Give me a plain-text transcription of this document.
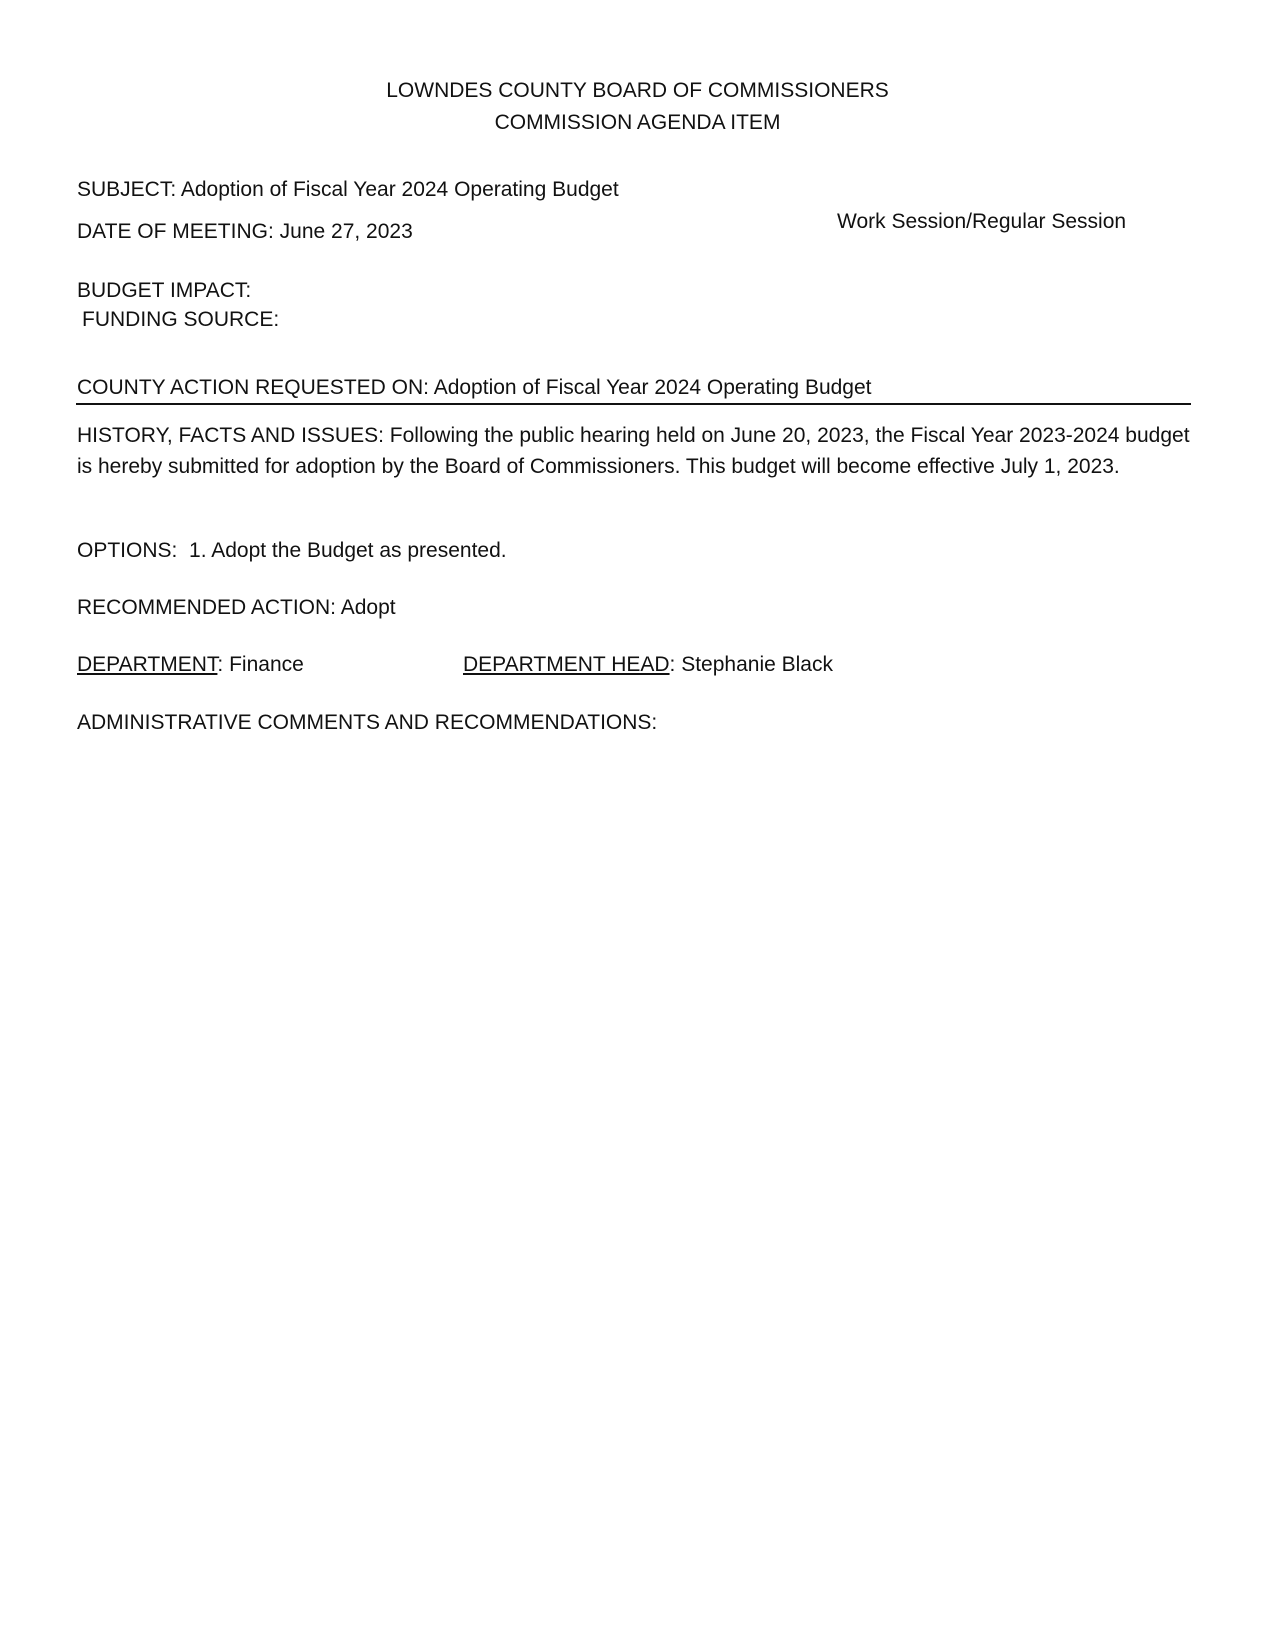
LOWNDES COUNTY BOARD OF COMMISSIONERS
COMMISSION AGENDA ITEM
SUBJECT: Adoption of Fiscal Year 2024 Operating Budget
DATE OF MEETING: June 27, 2023	Work Session/Regular Session
BUDGET IMPACT:
FUNDING SOURCE:
COUNTY ACTION REQUESTED ON: Adoption of Fiscal Year 2024 Operating Budget
HISTORY, FACTS AND ISSUES: Following the public hearing held on June 20, 2023, the Fiscal Year 2023-2024 budget is hereby submitted for adoption by the Board of Commissioners. This budget will become effective July 1, 2023.
OPTIONS: 1. Adopt the Budget as presented.
RECOMMENDED ACTION: Adopt
DEPARTMENT: Finance	DEPARTMENT HEAD: Stephanie Black
ADMINISTRATIVE COMMENTS AND RECOMMENDATIONS:
